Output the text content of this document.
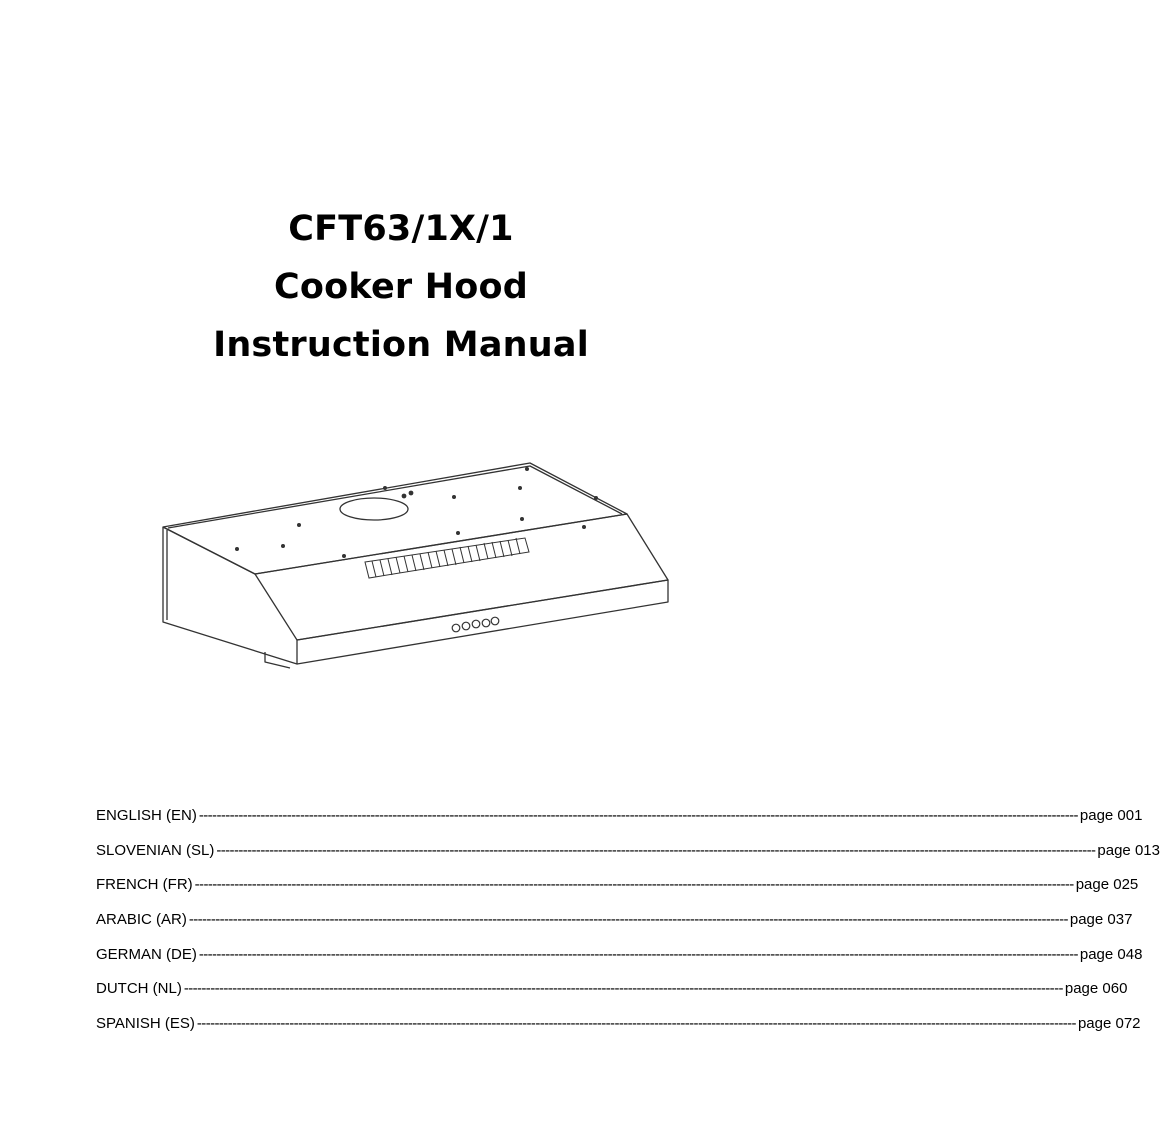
CFT63/1X/1
Cooker Hood
Instruction Manual
ENGLISH (EN) -------------------------------------------------------------------------------------------------------------------------------------------------------------------------------------------------------- page 001
SLOVENIAN (SL) -------------------------------------------------------------------------------------------------------------------------------------------------------------------------------------------------------- page 013
FRENCH (FR) -------------------------------------------------------------------------------------------------------------------------------------------------------------------------------------------------------- page 025
ARABIC (AR) -------------------------------------------------------------------------------------------------------------------------------------------------------------------------------------------------------- page 037
GERMAN (DE) -------------------------------------------------------------------------------------------------------------------------------------------------------------------------------------------------------- page 048
DUTCH (NL) -------------------------------------------------------------------------------------------------------------------------------------------------------------------------------------------------------- page 060
SPANISH (ES) -------------------------------------------------------------------------------------------------------------------------------------------------------------------------------------------------------- page 072
